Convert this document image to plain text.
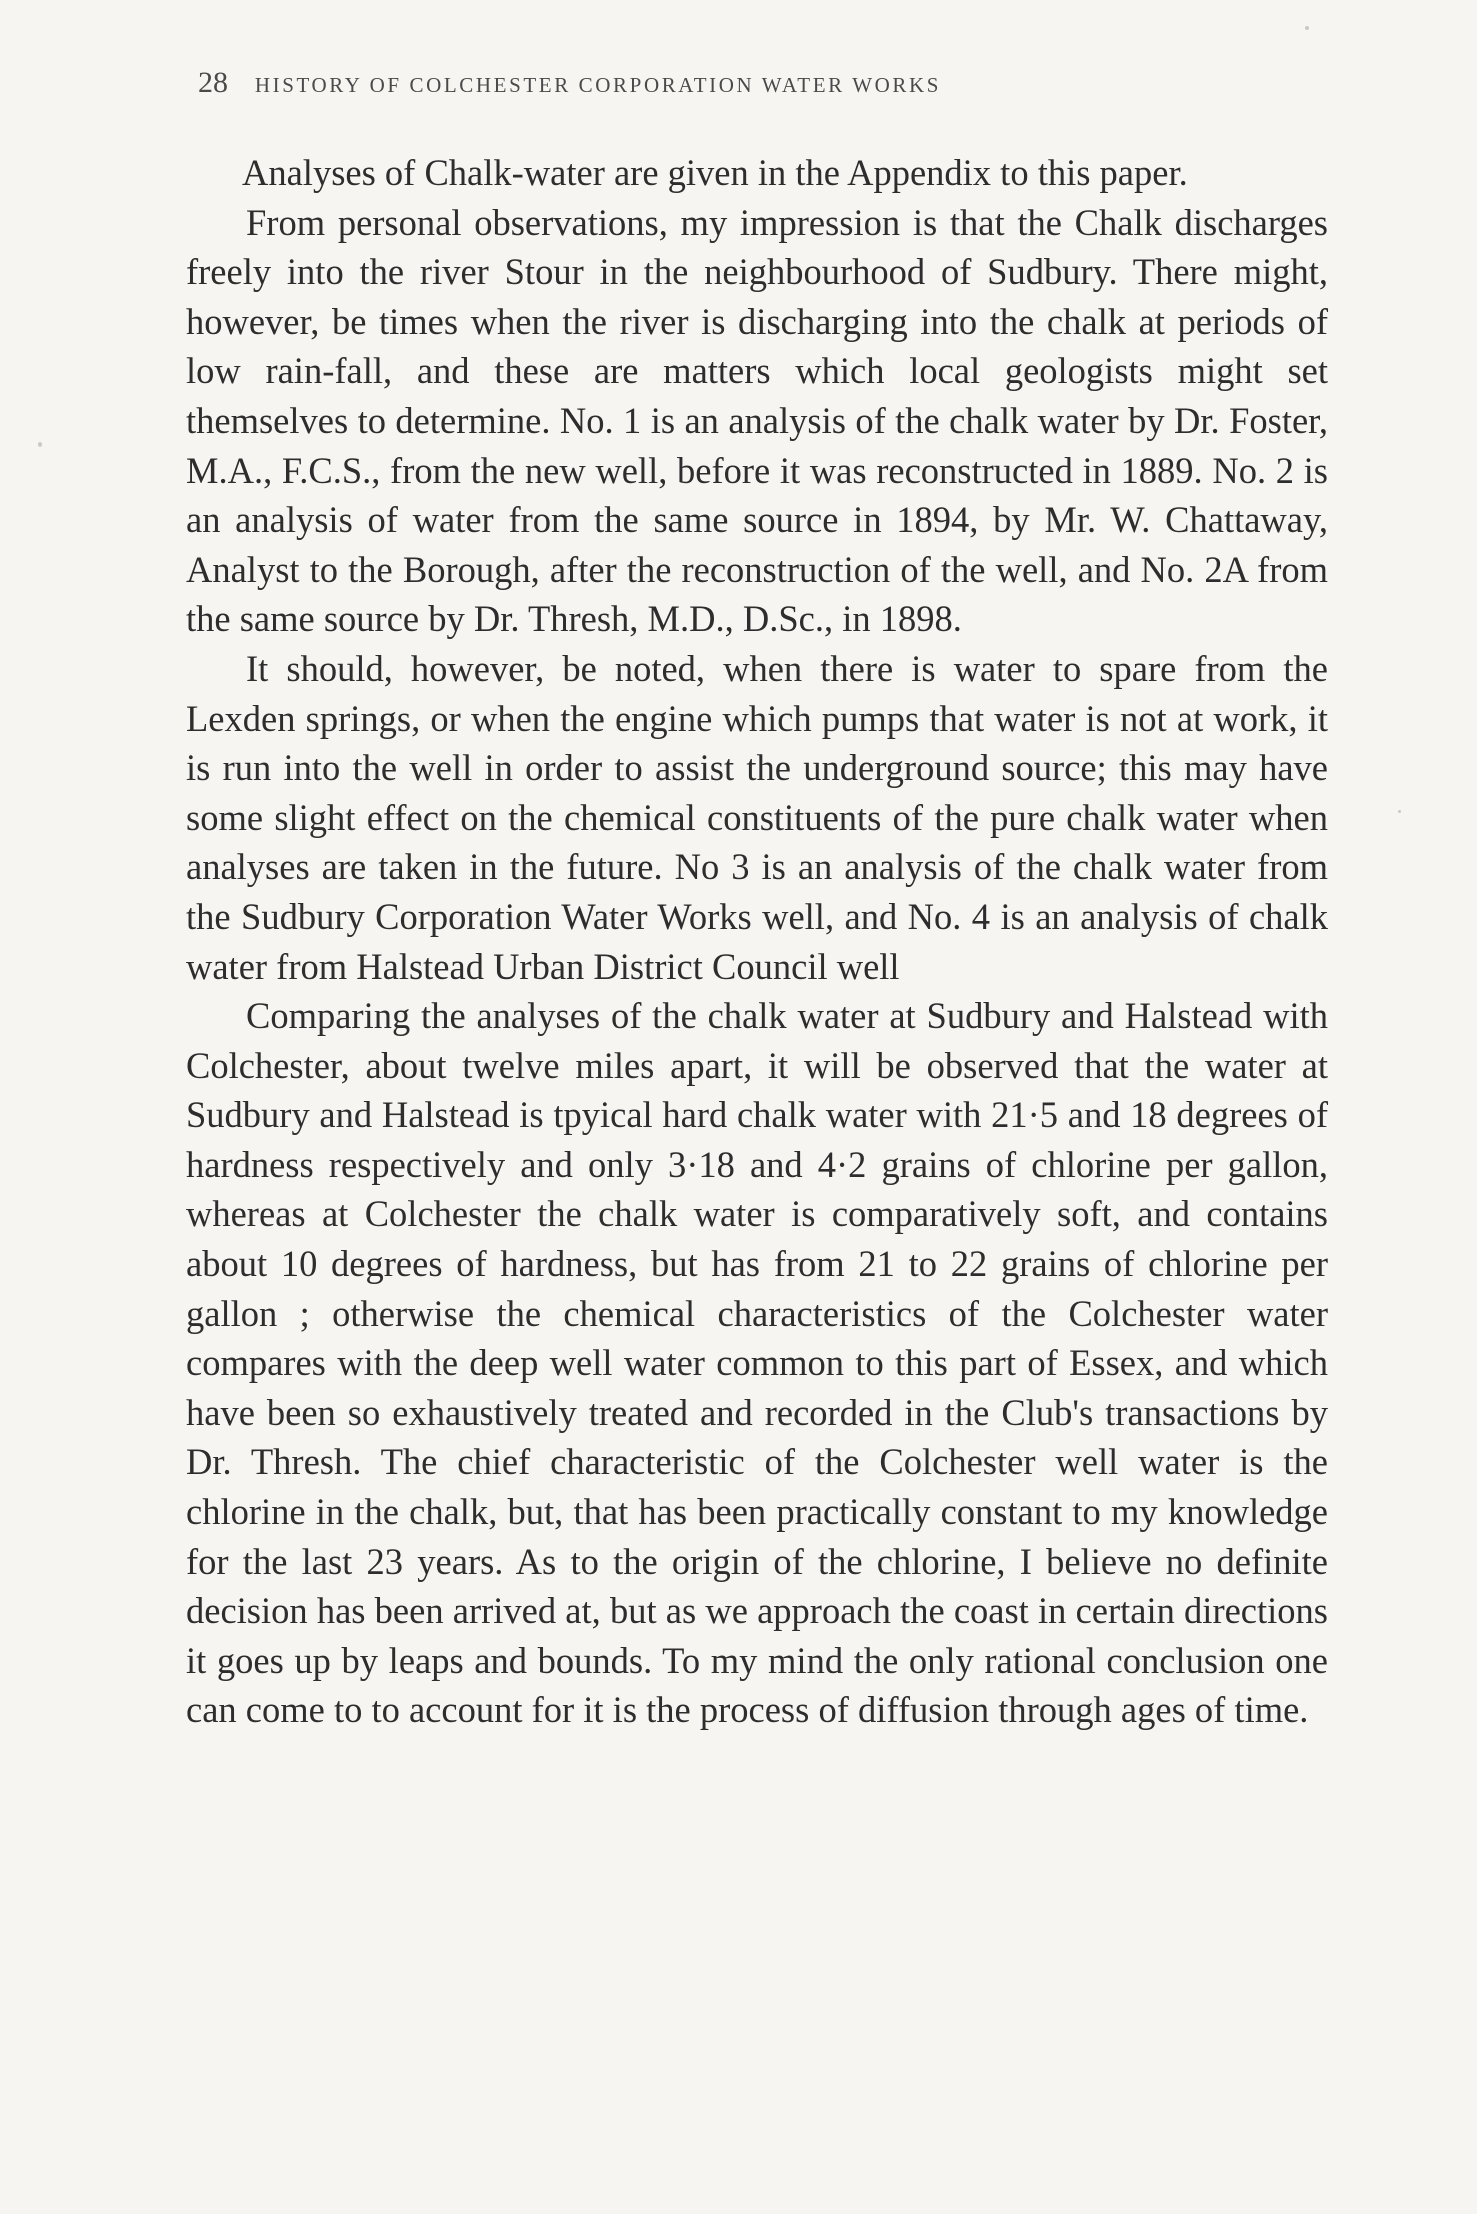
28 HISTORY OF COLCHESTER CORPORATION WATER WORKS

Analyses of Chalk-water are given in the Appendix to this paper.

From personal observations, my impression is that the Chalk discharges freely into the river Stour in the neighbourhood of Sudbury. There might, however, be times when the river is discharging into the chalk at periods of low rain-fall, and these are matters which local geologists might set themselves to determine. No. 1 is an analysis of the chalk water by Dr. Foster, M.A., F.C.S., from the new well, before it was reconstructed in 1889. No. 2 is an analysis of water from the same source in 1894, by Mr. W. Chattaway, Analyst to the Borough, after the reconstruction of the well, and No. 2A from the same source by Dr. Thresh, M.D., D.Sc., in 1898.

It should, however, be noted, when there is water to spare from the Lexden springs, or when the engine which pumps that water is not at work, it is run into the well in order to assist the underground source; this may have some slight effect on the chemical constituents of the pure chalk water when analyses are taken in the future. No 3 is an analysis of the chalk water from the Sudbury Corporation Water Works well, and No. 4 is an analysis of chalk water from Halstead Urban District Council well

Comparing the analyses of the chalk water at Sudbury and Halstead with Colchester, about twelve miles apart, it will be observed that the water at Sudbury and Halstead is tpyical hard chalk water with 21·5 and 18 degrees of hardness respectively and only 3·18 and 4·2 grains of chlorine per gallon, whereas at Colchester the chalk water is comparatively soft, and contains about 10 degrees of hardness, but has from 21 to 22 grains of chlorine per gallon ; otherwise the chemical characteristics of the Colchester water compares with the deep well water common to this part of Essex, and which have been so exhaustively treated and recorded in the Club's transactions by Dr. Thresh. The chief characteristic of the Colchester well water is the chlorine in the chalk, but, that has been practically constant to my knowledge for the last 23 years. As to the origin of the chlorine, I believe no definite decision has been arrived at, but as we approach the coast in certain directions it goes up by leaps and bounds. To my mind the only rational conclusion one can come to to account for it is the process of diffusion through ages of time.
